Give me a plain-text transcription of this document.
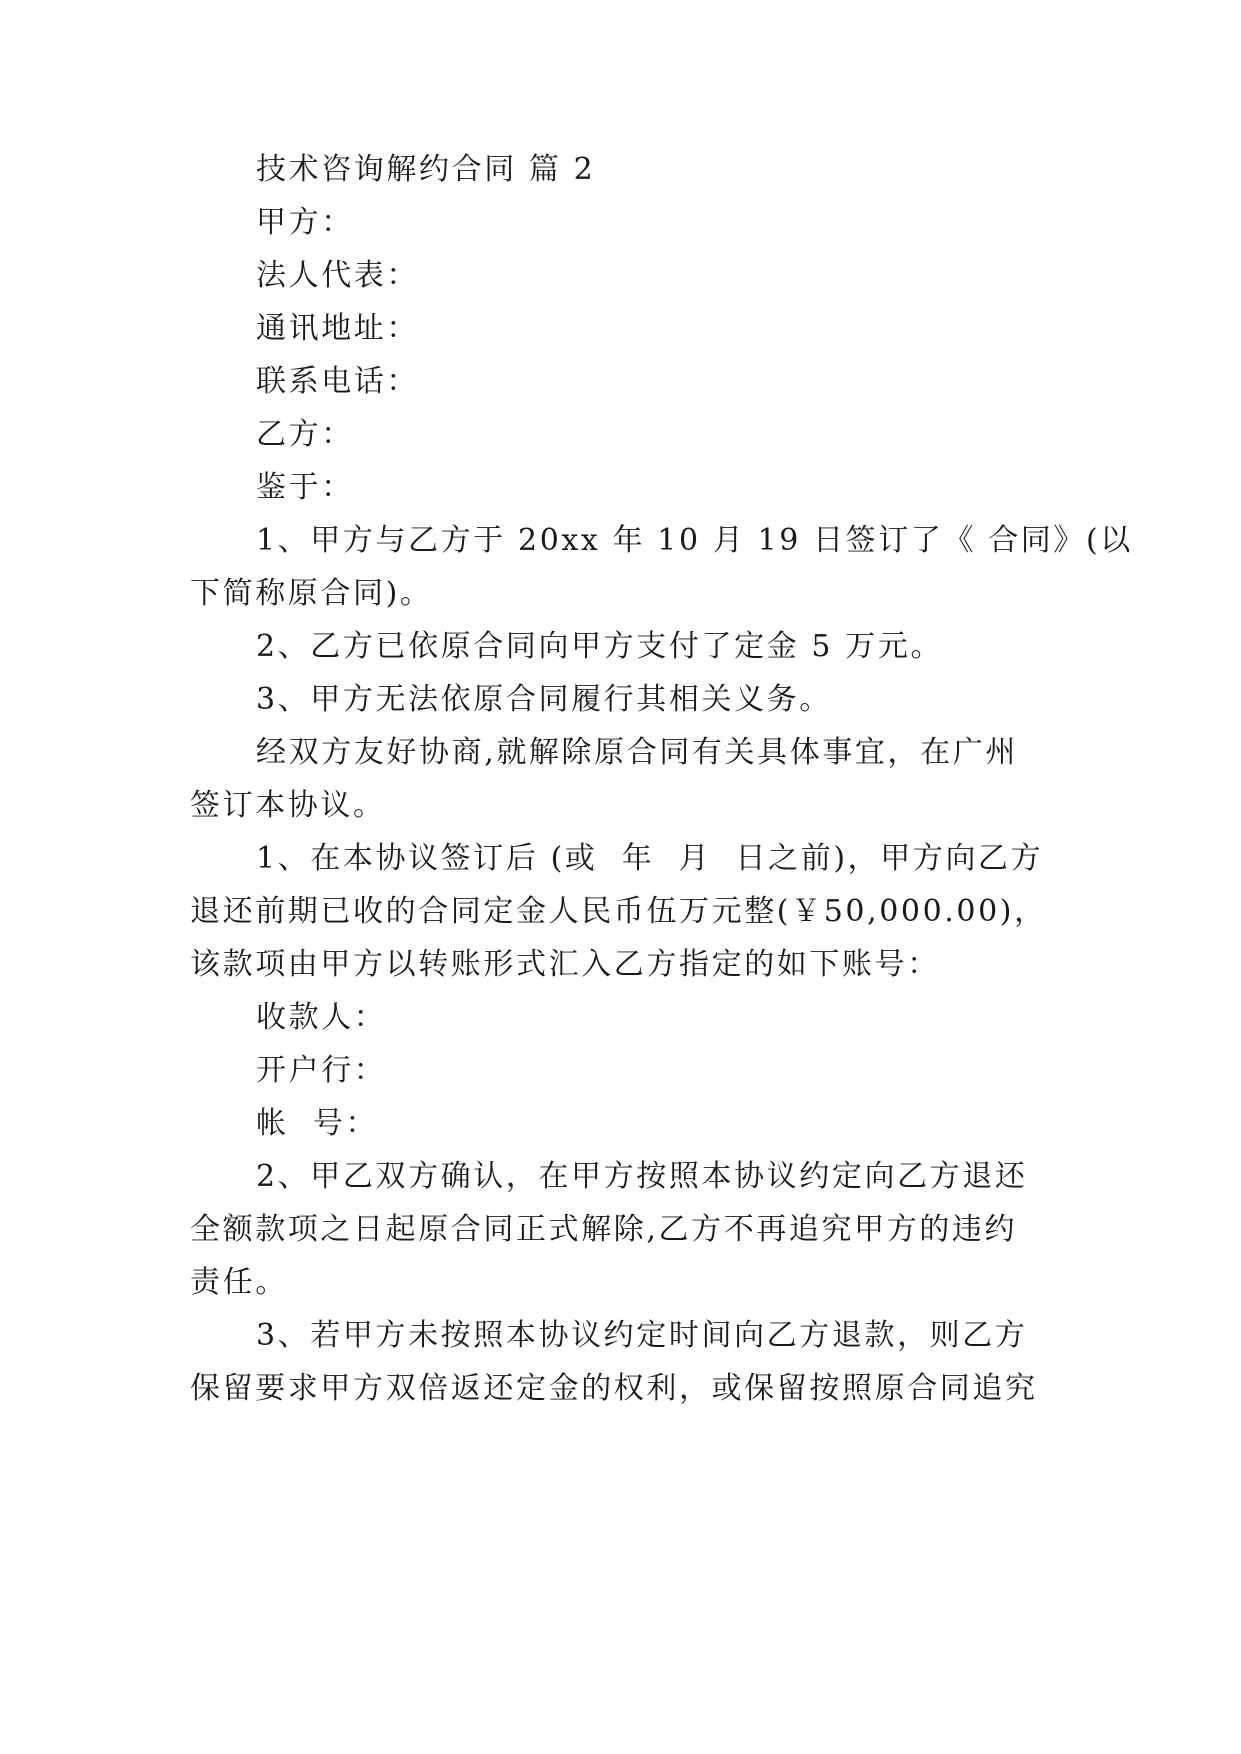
技术咨询解约合同 篇 2
甲方：
法人代表：
通讯地址：
联系电话：
乙方：
鉴于：
1、甲方与乙方于 20xx 年 10 月 19 日签订了《 合同》(以
下简称原合同)。
2、乙方已依原合同向甲方支付了定金 5 万元。
3、甲方无法依原合同履行其相关义务。
经双方友好协商,就解除原合同有关具体事宜，在广州
签订本协议。
1、在本协议签订后 (或  年  月  日之前)，甲方向乙方
退还前期已收的合同定金人民币伍万元整(￥50,000.00)，
该款项由甲方以转账形式汇入乙方指定的如下账号：
收款人：
开户行：
帐  号：
2、甲乙双方确认，在甲方按照本协议约定向乙方退还
全额款项之日起原合同正式解除,乙方不再追究甲方的违约
责任。
3、若甲方未按照本协议约定时间向乙方退款，则乙方
保留要求甲方双倍返还定金的权利，或保留按照原合同追究
